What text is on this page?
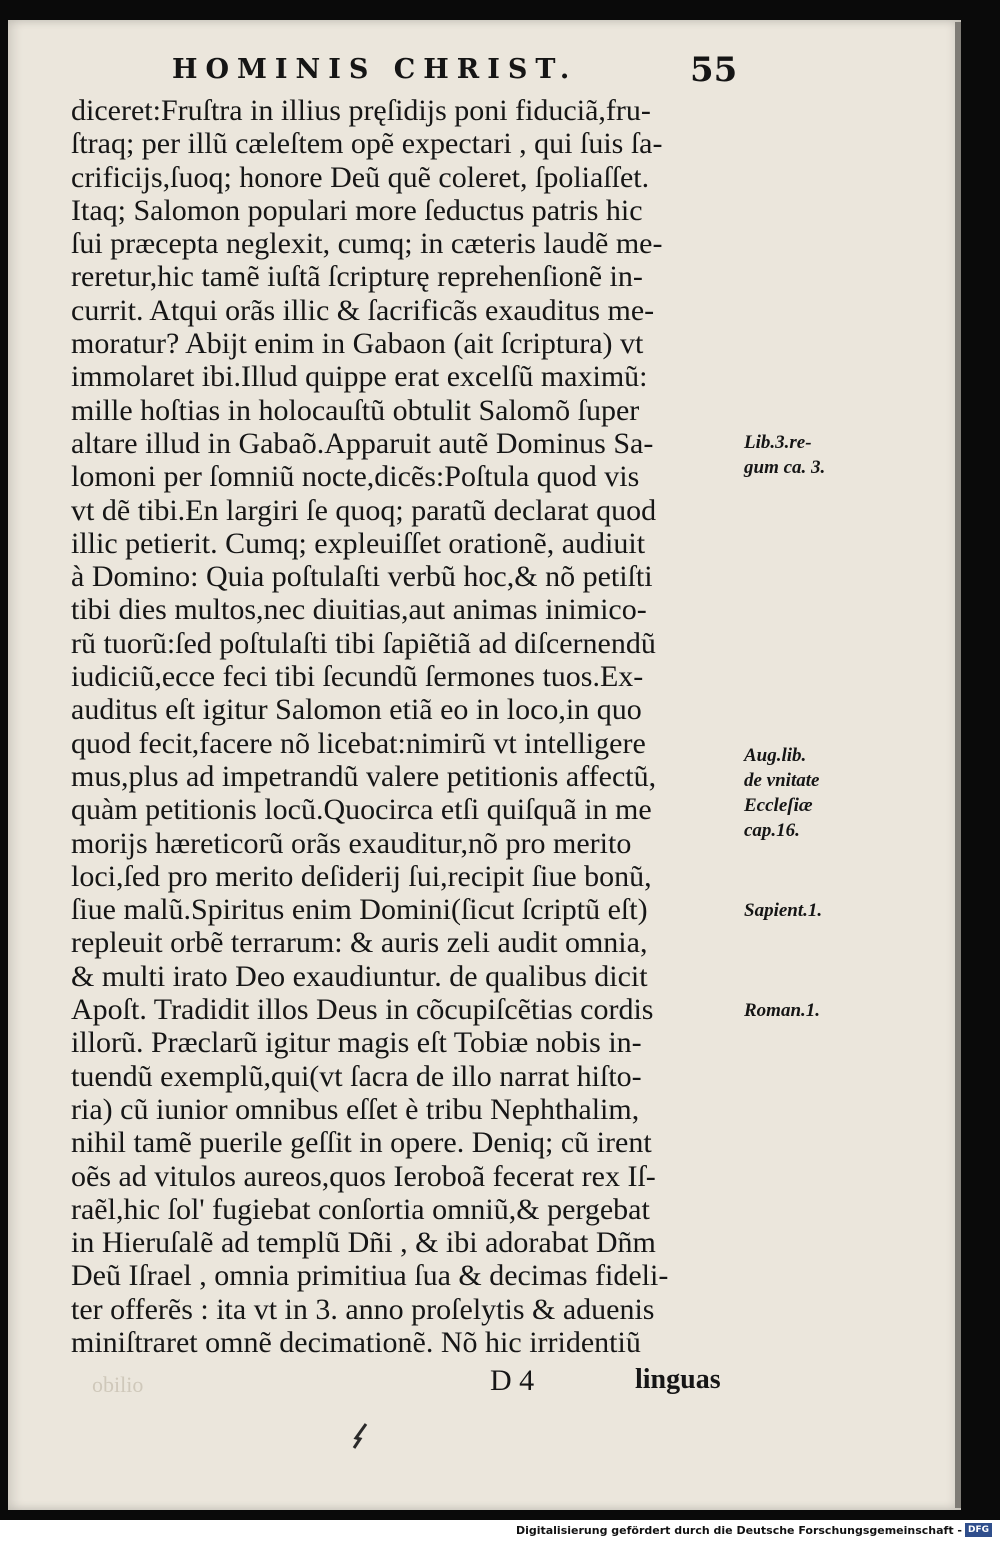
HOMINIS CHRIST.	55
diceret:Fruſtra in illius pręſidijs poni fiduciã,fru-
ſtraq; per illũ cæleſtem opẽ expectari , qui ſuis ſa-
crificijs,ſuoq; honore Deũ quẽ coleret, ſpoliaſſet.
Itaq; Salomon populari more ſeductus patris hic
ſui præcepta neglexit, cumq; in cæteris laudẽ me-
reretur,hic tamẽ iuſtã ſcripturę reprehenſionẽ in-
currit. Atqui orãs illic & ſacrificãs exauditus me-
moratur? Abijt enim in Gabaon (ait ſcriptura) vt
immolaret ibi.Illud quippe erat excelſũ maximũ:
mille hoſtias in holocauſtũ obtulit Salomõ ſuper
altare illud in Gabaõ.Apparuit autẽ Dominus Sa-
lomoni per ſomniũ nocte,dicẽs:Poſtula quod vis
vt dẽ tibi.En largiri ſe quoq; paratũ declarat quod
illic petierit. Cumq; expleuiſſet orationẽ, audiuit
à Domino: Quia poſtulaſti verbũ hoc,& nõ petiſti
tibi dies multos,nec diuitias,aut animas inimico-
rũ tuorũ:ſed poſtulaſti tibi ſapiẽtiã ad diſcernendũ
iudiciũ,ecce feci tibi ſecundũ ſermones tuos.Ex-
auditus eſt igitur Salomon etiã eo in loco,in quo
quod fecit,facere nõ licebat:nimirũ vt intelligere
mus,plus ad impetrandũ valere petitionis affectũ,
quàm petitionis locũ.Quocirca etſi quiſquã in me
morijs hæreticorũ orãs exauditur,nõ pro merito
loci,ſed pro merito deſiderij ſui,recipit ſiue bonũ,
ſiue malũ.Spiritus enim Domini(ſicut ſcriptũ eſt)
repleuit orbẽ terrarum: & auris zeli audit omnia,
& multi irato Deo exaudiuntur. de qualibus dicit
Apoſt. Tradidit illos Deus in cõcupiſcẽtias cordis
illorũ. Præclarũ igitur magis eſt Tobiæ nobis in-
tuendũ exemplũ,qui(vt ſacra de illo narrat hiſto-
ria) cũ iunior omnibus eſſet è tribu Nephthalim,
nihil tamẽ puerile geſſit in opere. Deniq; cũ irent
oẽs ad vitulos aureos,quos Ieroboã fecerat rex Iſ-
raẽl,hic ſol' fugiebat conſortia omniũ,& pergebat
in Hieruſalẽ ad templũ Dñi , & ibi adorabat Dñm
Deũ Iſrael , omnia primitiua ſua & decimas fideli-
ter offerẽs : ita vt in 3. anno proſelytis & aduenis
miniſtraret omnẽ decimationẽ. Nõ hic irridentiũ
Lib.3.re-
gum ca. 3.
Aug.lib.
de vnitate
Eccleſiæ
cap.16.
Sapient.1.
Roman.1.
obilio	D 4	linguas
Digitalisierung gefördert durch die Deutsche Forschungsgemeinschaft - DFG
